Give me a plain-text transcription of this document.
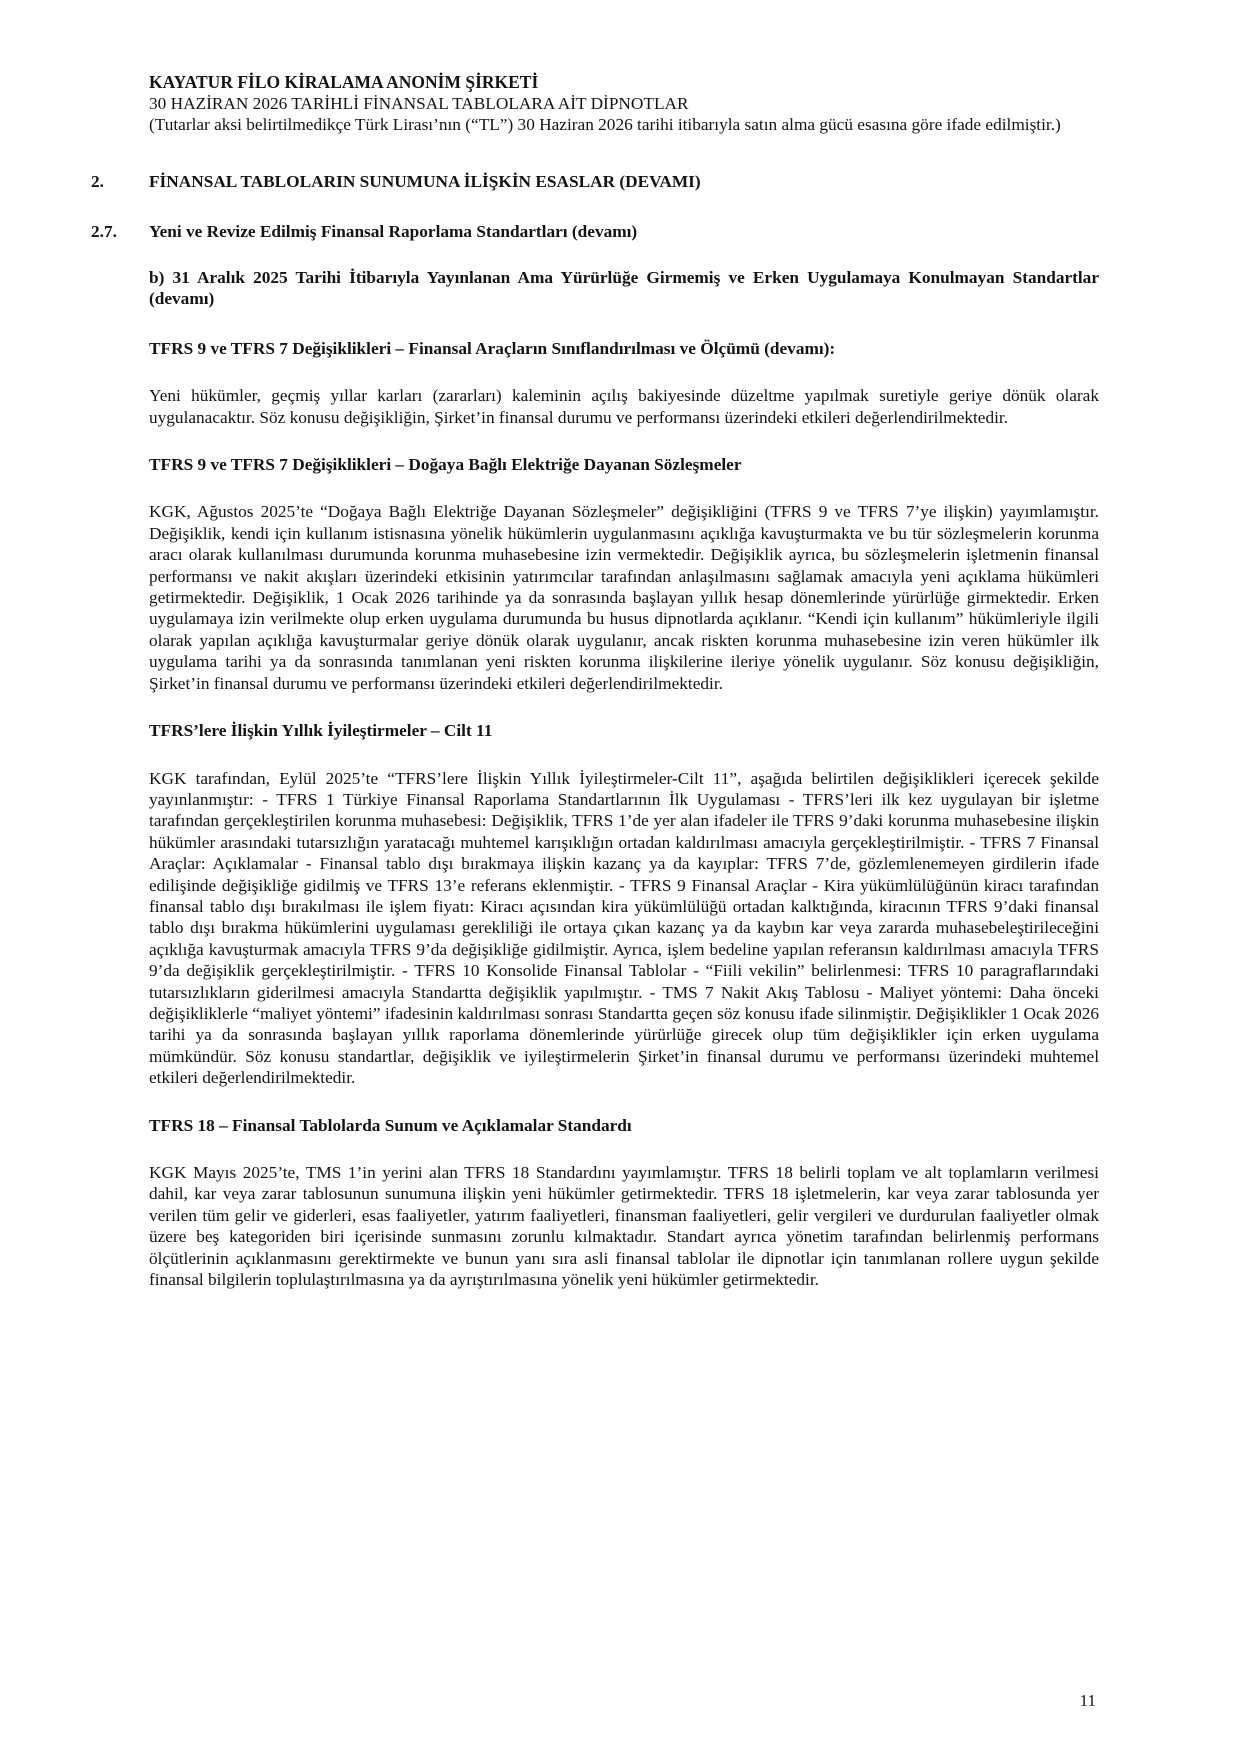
KAYATUR FİLO KİRALAMA ANONİM ŞİRKETİ
30 HAZİRAN 2026 TARİHLİ FİNANSAL TABLOLARA AİT DİPNOTLAR
(Tutarlar aksi belirtilmedikçe Türk Lirası’nın (“TL”) 30 Haziran 2026 tarihi itibarıyla satın alma gücü esasına göre ifade edilmiştir.)
2.	FİNANSAL TABLOLARIN SUNUMUNA İLİŞKİN ESASLAR (DEVAMI)
2.7. Yeni ve Revize Edilmiş Finansal Raporlama Standartları (devamı)

b) 31 Aralık 2025 Tarihi İtibarıyla Yayınlanan Ama Yürürlüğe Girmemiş ve Erken Uygulamaya Konulmayan Standartlar (devamı)

TFRS 9 ve TFRS 7 Değişiklikleri – Finansal Araçların Sınıflandırılması ve Ölçümü (devamı):

Yeni hükümler, geçmiş yıllar karları (zararları) kaleminin açılış bakiyesinde düzeltme yapılmak suretiyle geriye dönük olarak uygulanacaktır. Söz konusu değişikliğin, Şirket’in finansal durumu ve performansı üzerindeki etkileri değerlendirilmektedir.

TFRS 9 ve TFRS 7 Değişiklikleri – Doğaya Bağlı Elektriğe Dayanan Sözleşmeler

KGK, Ağustos 2025’te “Doğaya Bağlı Elektriğe Dayanan Sözleşmeler” değişikliğini (TFRS 9 ve TFRS 7’ye ilişkin) yayımlamıştır. Değişiklik, kendi için kullanım istisnasına yönelik hükümlerin uygulanmasını açıklığa kavuşturmakta ve bu tür sözleşmelerin korunma aracı olarak kullanılması durumunda korunma muhasebesine izin vermektedir. Değişiklik ayrıca, bu sözleşmelerin işletmenin finansal performansı ve nakit akışları üzerindeki etkisinin yatırımcılar tarafından anlaşılmasını sağlamak amacıyla yeni açıklama hükümleri getirmektedir. Değişiklik, 1 Ocak 2026 tarihinde ya da sonrasında başlayan yıllık hesap dönemlerinde yürürlüğe girmektedir. Erken uygulamaya izin verilmekte olup erken uygulama durumunda bu husus dipnotlarda açıklanır. “Kendi için kullanım” hükümleriyle ilgili olarak yapılan açıklığa kavuşturmalar geriye dönük olarak uygulanır, ancak riskten korunma muhasebesine izin veren hükümler ilk uygulama tarihi ya da sonrasında tanımlanan yeni riskten korunma ilişkilerine ileriye yönelik uygulanır. Söz konusu değişikliğin, Şirket’in finansal durumu ve performansı üzerindeki etkileri değerlendirilmektedir.

TFRS’lere İlişkin Yıllık İyileştirmeler – Cilt 11

KGK tarafından, Eylül 2025’te “TFRS’lere İlişkin Yıllık İyileştirmeler-Cilt 11”, aşağıda belirtilen değişiklikleri içerecek şekilde yayınlanmıştır: - TFRS 1 Türkiye Finansal Raporlama Standartlarının İlk Uygulaması - TFRS’leri ilk kez uygulayan bir işletme tarafından gerçekleştirilen korunma muhasebesi: Değişiklik, TFRS 1’de yer alan ifadeler ile TFRS 9’daki korunma muhasebesine ilişkin hükümler arasındaki tutarsızlığın yaratacağı muhtemel karışıklığın ortadan kaldırılması amacıyla gerçekleştirilmiştir. - TFRS 7 Finansal Araçlar: Açıklamalar - Finansal tablo dışı bırakmaya ilişkin kazanç ya da kayıplar: TFRS 7’de, gözlemlenemeyen girdilerin ifade edilişinde değişikliğe gidilmiş ve TFRS 13’e referans eklenmiştir. - TFRS 9 Finansal Araçlar - Kira yükümlülüğünün kiracı tarafından finansal tablo dışı bırakılması ile işlem fiyatı: Kiracı açısından kira yükümlülüğü ortadan kalktığında, kiracının TFRS 9’daki finansal tablo dışı bırakma hükümlerini uygulaması gerekliliği ile ortaya çıkan kazanç ya da kaybın kar veya zararda muhasebeleştirileceğini açıklığa kavuşturmak amacıyla TFRS 9’da değişikliğe gidilmiştir. Ayrıca, işlem bedeline yapılan referansın kaldırılması amacıyla TFRS 9’da değişiklik gerçekleştirilmiştir. - TFRS 10 Konsolide Finansal Tablolar - “Fiili vekilin” belirlenmesi: TFRS 10 paragraflarındaki tutarsızlıkların giderilmesi amacıyla Standartta değişiklik yapılmıştır. - TMS 7 Nakit Akış Tablosu - Maliyet yöntemi: Daha önceki değişikliklerle “maliyet yöntemi” ifadesinin kaldırılması sonrası Standartta geçen söz konusu ifade silinmiştir. Değişiklikler 1 Ocak 2026 tarihi ya da sonrasında başlayan yıllık raporlama dönemlerinde yürürlüğe girecek olup tüm değişiklikler için erken uygulama mümkündür. Söz konusu standartlar, değişiklik ve iyileştirmelerin Şirket’in finansal durumu ve performansı üzerindeki muhtemel etkileri değerlendirilmektedir.

TFRS 18 – Finansal Tablolarda Sunum ve Açıklamalar Standardı

KGK Mayıs 2025’te, TMS 1’in yerini alan TFRS 18 Standardını yayımlamıştır. TFRS 18 belirli toplam ve alt toplamların verilmesi dahil, kar veya zarar tablosunun sunumuna ilişkin yeni hükümler getirmektedir. TFRS 18 işletmelerin, kar veya zarar tablosunda yer verilen tüm gelir ve giderleri, esas faaliyetler, yatırım faaliyetleri, finansman faaliyetleri, gelir vergileri ve durdurulan faaliyetler olmak üzere beş kategoriden biri içerisinde sunmasını zorunlu kılmaktadır. Standart ayrıca yönetim tarafından belirlenmiş performans ölçütlerinin açıklanmasını gerektirmekte ve bunun yanı sıra asli finansal tablolar ile dipnotlar için tanımlanan rollere uygun şekilde finansal bilgilerin toplulaştırılmasına ya da ayrıştırılmasına yönelik yeni hükümler getirmektedir.

11
